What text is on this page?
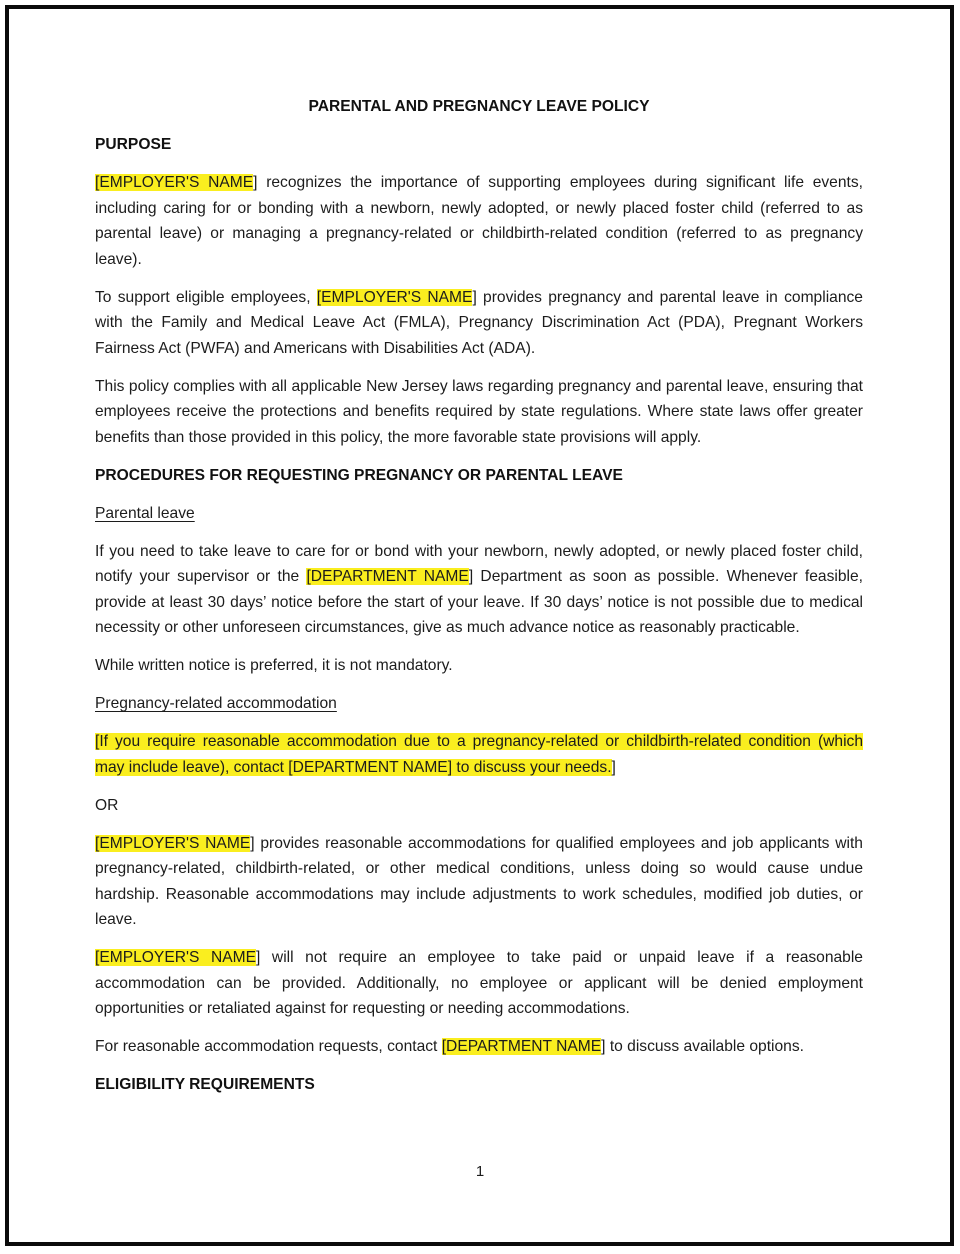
PARENTAL AND PREGNANCY LEAVE POLICY

PURPOSE

[EMPLOYER'S NAME] recognizes the importance of supporting employees during significant life events, including caring for or bonding with a newborn, newly adopted, or newly placed foster child (referred to as parental leave) or managing a pregnancy-related or childbirth-related condition (referred to as pregnancy leave).

To support eligible employees, [EMPLOYER'S NAME] provides pregnancy and parental leave in compliance with the Family and Medical Leave Act (FMLA), Pregnancy Discrimination Act (PDA), Pregnant Workers Fairness Act (PWFA) and Americans with Disabilities Act (ADA).

This policy complies with all applicable New Jersey laws regarding pregnancy and parental leave, ensuring that employees receive the protections and benefits required by state regulations. Where state laws offer greater benefits than those provided in this policy, the more favorable state provisions will apply.

PROCEDURES FOR REQUESTING PREGNANCY OR PARENTAL LEAVE

Parental leave

If you need to take leave to care for or bond with your newborn, newly adopted, or newly placed foster child, notify your supervisor or the [DEPARTMENT NAME] Department as soon as possible. Whenever feasible, provide at least 30 days’ notice before the start of your leave. If 30 days’ notice is not possible due to medical necessity or other unforeseen circumstances, give as much advance notice as reasonably practicable.

While written notice is preferred, it is not mandatory.

Pregnancy-related accommodation

[If you require reasonable accommodation due to a pregnancy-related or childbirth-related condition (which may include leave), contact [DEPARTMENT NAME] to discuss your needs.]

OR

[EMPLOYER'S NAME] provides reasonable accommodations for qualified employees and job applicants with pregnancy-related, childbirth-related, or other medical conditions, unless doing so would cause undue hardship. Reasonable accommodations may include adjustments to work schedules, modified job duties, or leave.

[EMPLOYER'S NAME] will not require an employee to take paid or unpaid leave if a reasonable accommodation can be provided. Additionally, no employee or applicant will be denied employment opportunities or retaliated against for requesting or needing accommodations.

For reasonable accommodation requests, contact [DEPARTMENT NAME] to discuss available options.

ELIGIBILITY REQUIREMENTS

1
